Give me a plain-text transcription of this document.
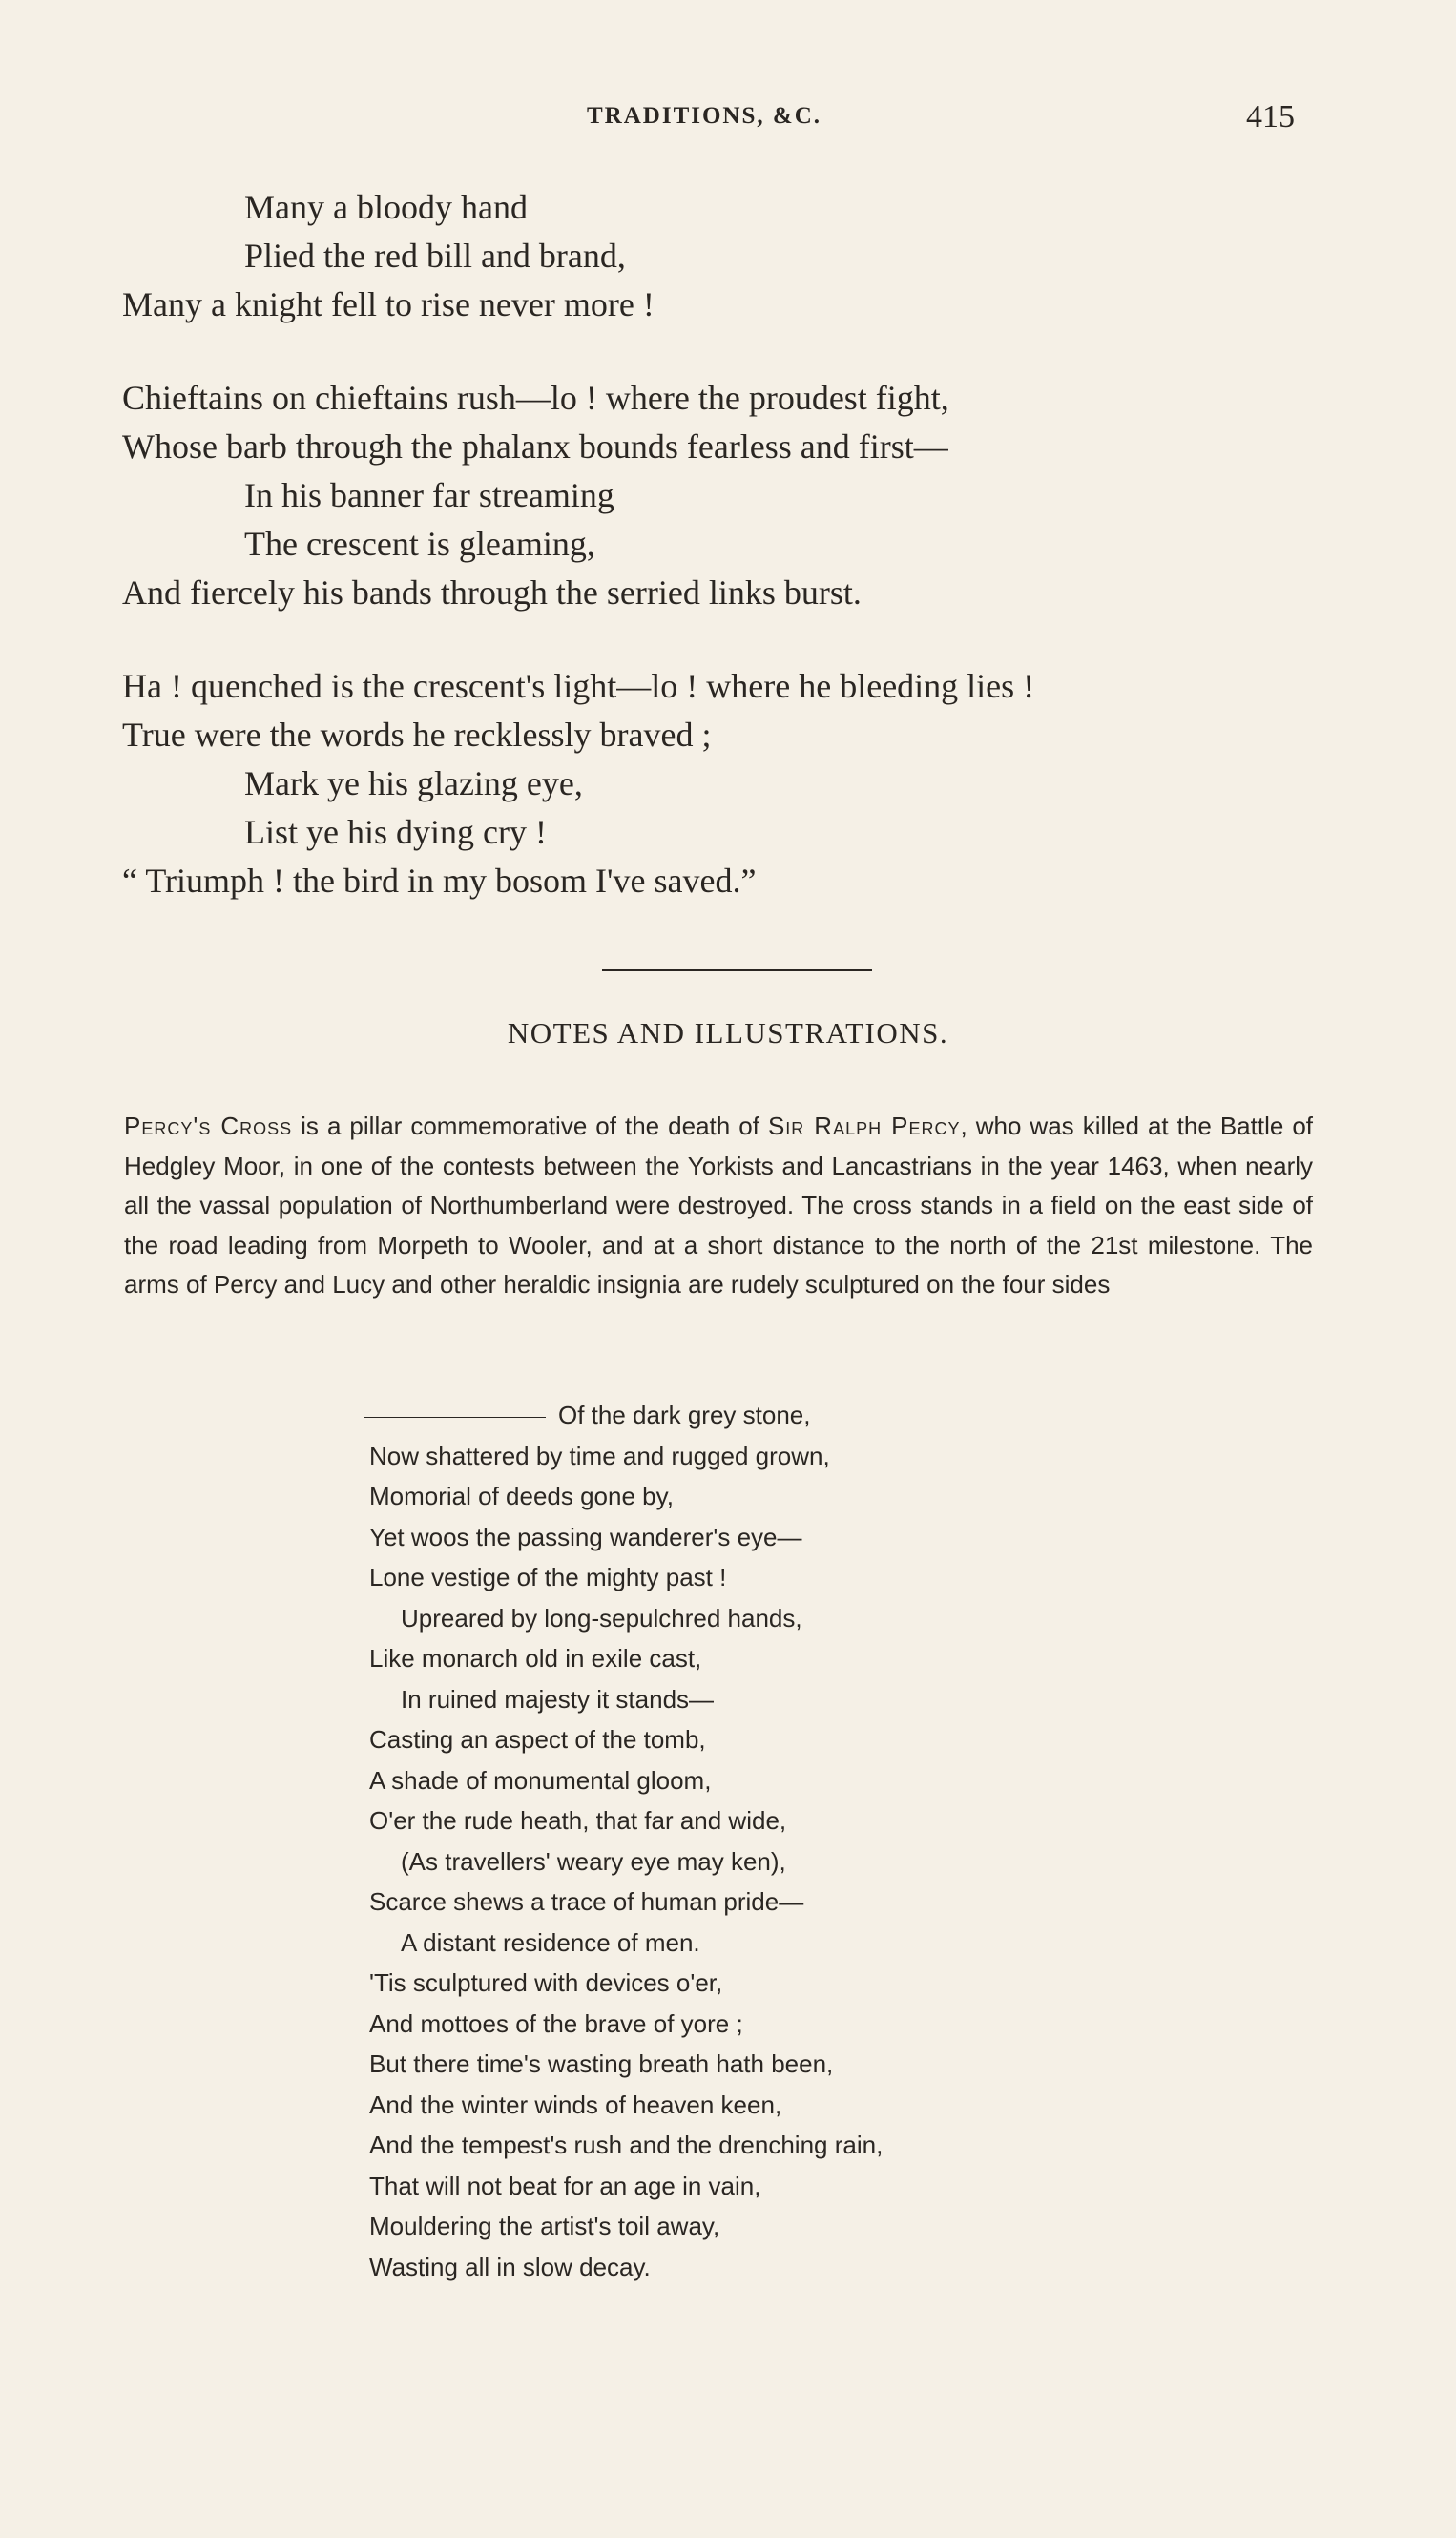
TRADITIONS, &C.	415
Many a bloody hand
Plied the red bill and brand,
Many a knight fell to rise never more !
Chieftains on chieftains rush—lo ! where the proudest fight,
Whose barb through the phalanx bounds fearless and first—
In his banner far streaming
The crescent is gleaming,
And fiercely his bands through the serried links burst.
Ha ! quenched is the crescent's light—lo ! where he bleeding lies !
True were the words he recklessly braved ;
Mark ye his glazing eye,
List ye his dying cry !
“ Triumph ! the bird in my bosom I've saved.”
NOTES AND ILLUSTRATIONS.
Percy's Cross is a pillar commemorative of the death of Sir Ralph Percy, who was killed at the Battle of Hedgley Moor, in one of the contests between the Yorkists and Lancastrians in the year 1463, when nearly all the vassal population of Northumberland were destroyed. The cross stands in a field on the east side of the road leading from Morpeth to Wooler, and at a short distance to the north of the 21st milestone. The arms of Percy and Lucy and other heraldic insignia are rudely sculptured on the four sides
Of the dark grey stone,
Now shattered by time and rugged grown,
Momorial of deeds gone by,
Yet woos the passing wanderer's eye—
Lone vestige of the mighty past !
Upreared by long-sepulchred hands,
Like monarch old in exile cast,
In ruined majesty it stands—
Casting an aspect of the tomb,
A shade of monumental gloom,
O'er the rude heath, that far and wide,
(As travellers' weary eye may ken),
Scarce shews a trace of human pride—
A distant residence of men.
'Tis sculptured with devices o'er,
And mottoes of the brave of yore ;
But there time's wasting breath hath been,
And the winter winds of heaven keen,
And the tempest's rush and the drenching rain,
That will not beat for an age in vain,
Mouldering the artist's toil away,
Wasting all in slow decay.
